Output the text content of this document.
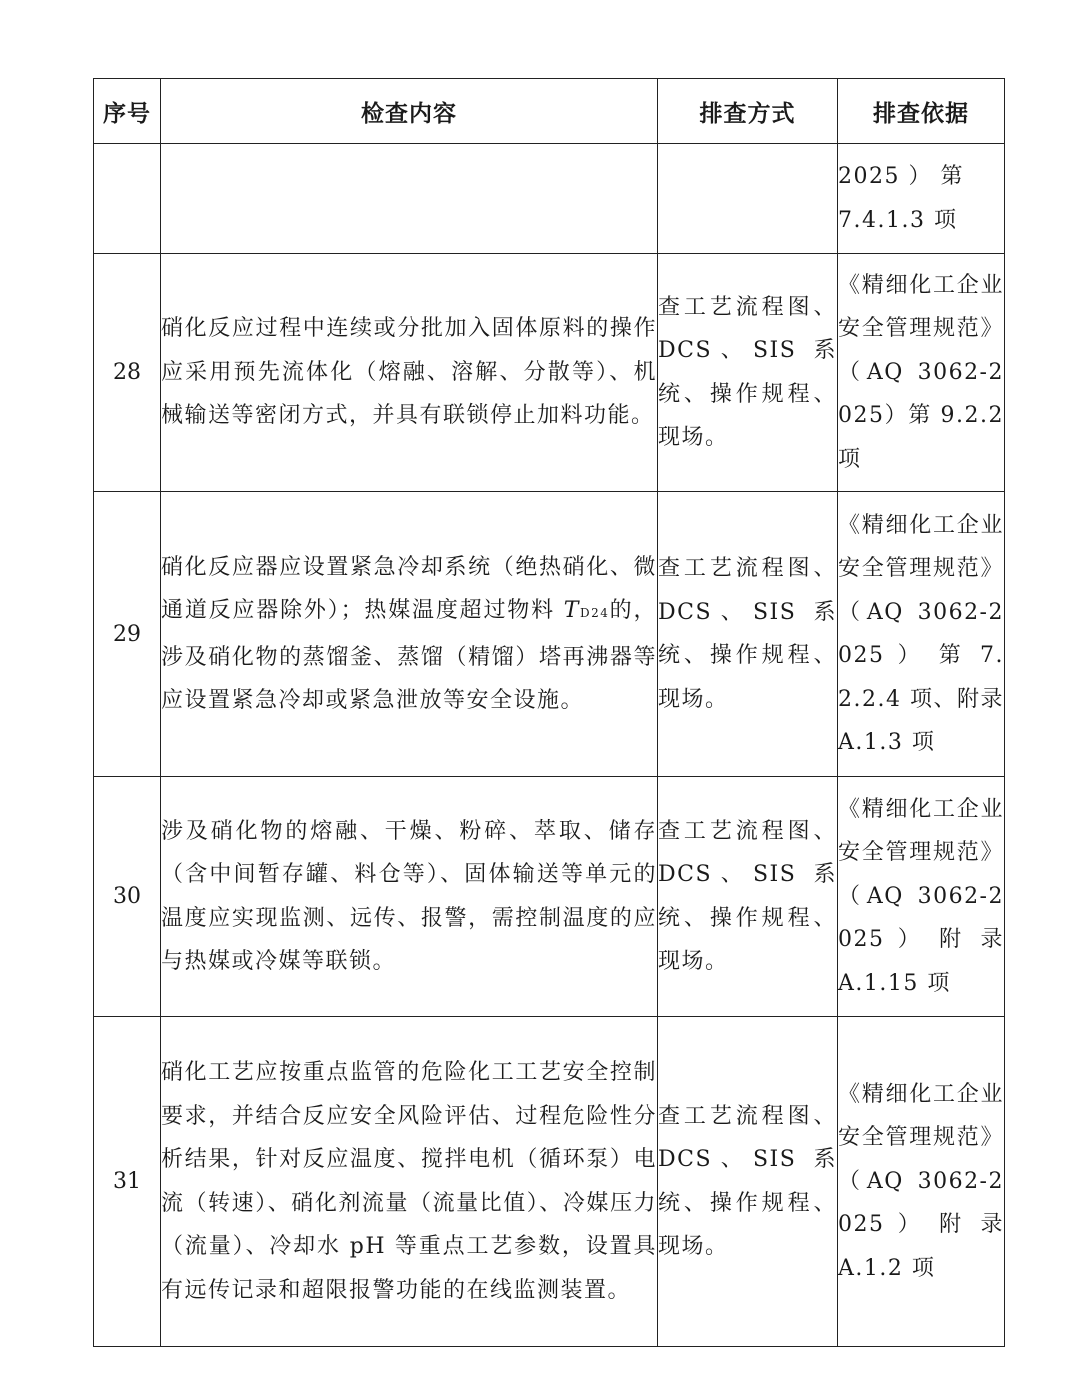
序号	检查内容	排查方式	排查依据
			2025 ） 第
7.4.1.3 项
28	硝化反应过程中连续或分批加入固体原料的操作应采用预先流体化（熔融、溶解、分散等）、机械输送等密闭方式，并具有联锁停止加料功能。	查工艺流程图、DCS、SIS 系统、操作规程、现场。	《精细化工企业安全管理规范》（AQ 3062-2025）第 9.2.2 项
29	硝化反应器应设置紧急冷却系统（绝热硝化、微通道反应器除外）；热媒温度超过物料 TD24的，涉及硝化物的蒸馏釜、蒸馏（精馏）塔再沸器等应设置紧急冷却或紧急泄放等安全设施。	查工艺流程图、DCS、SIS 系统、操作规程、现场。	《精细化工企业安全管理规范》（AQ 3062-2025 ） 第 7.2.2.4 项、附录 A.1.3 项
30	涉及硝化物的熔融、干燥、粉碎、萃取、储存（含中间暂存罐、料仓等）、固体输送等单元的温度应实现监测、远传、报警，需控制温度的应与热媒或冷媒等联锁。	查工艺流程图、DCS、SIS 系统、操作规程、现场。	《精细化工企业安全管理规范》（AQ 3062-2025 ） 附 录 A.1.15 项
31	硝化工艺应按重点监管的危险化工工艺安全控制要求，并结合反应安全风险评估、过程危险性分析结果，针对反应温度、搅拌电机（循环泵）电流（转速）、硝化剂流量（流量比值）、冷媒压力（流量）、冷却水 pH 等重点工艺参数，设置具有远传记录和超限报警功能的在线监测装置。	查工艺流程图、DCS、SIS 系统、操作规程、现场。	《精细化工企业安全管理规范》（AQ 3062-2025 ） 附 录 A.1.2 项
